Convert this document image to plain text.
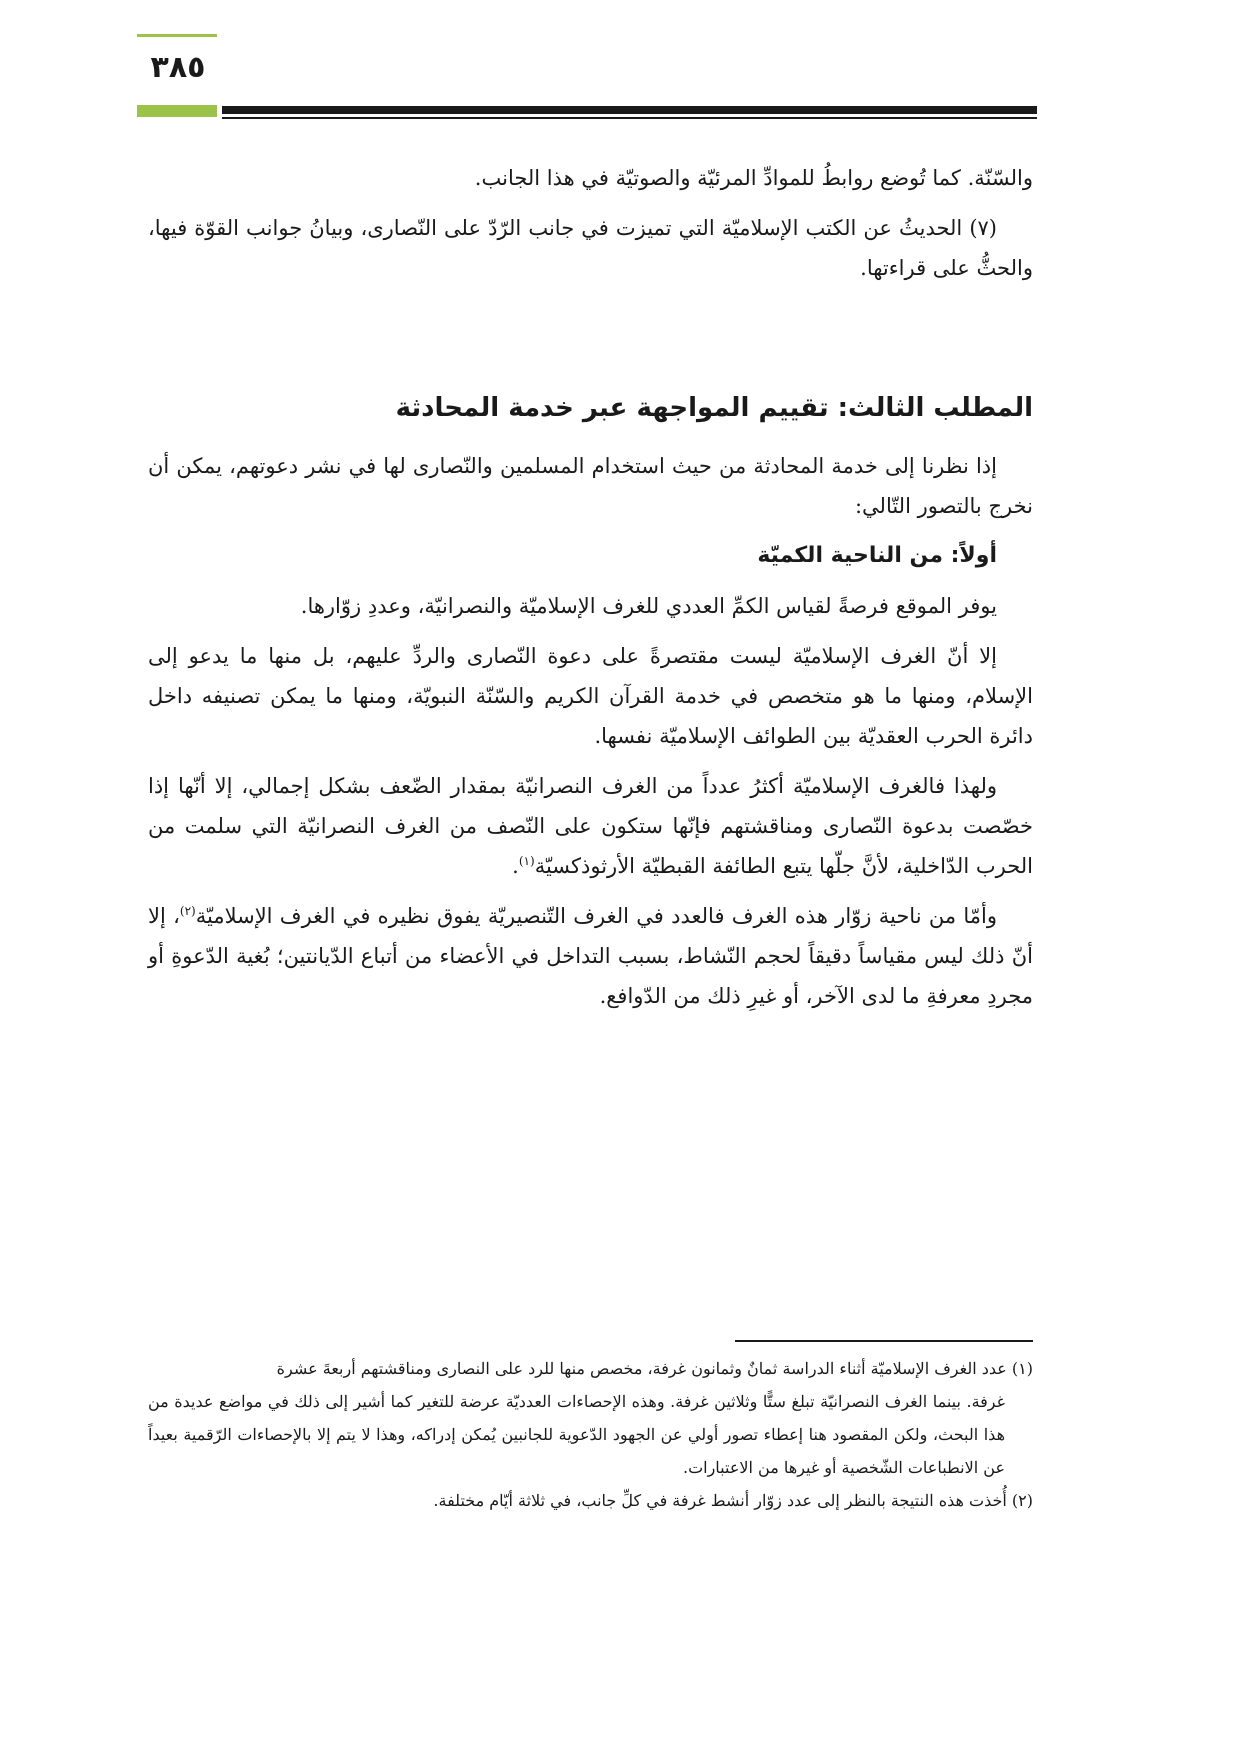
٣٨٥

والسّنّة. كما تُوضع روابطُ للموادِّ المرئيّة والصوتيّة في هذا الجانب.

(٧) الحديثُ عن الكتب الإسلاميّة التي تميزت في جانب الرّدّ على النّصارى، وبيانُ جوانب القوّة فيها، والحثُّ على قراءتها.

المطلب الثالث: تقييم المواجهة عبر خدمة المحادثة

إذا نظرنا إلى خدمة المحادثة من حيث استخدام المسلمين والنّصارى لها في نشر دعوتهم، يمكن أن نخرج بالتصور التّالي:

أولاً: من الناحية الكميّة

يوفر الموقع فرصةً لقياس الكمِّ العددي للغرف الإسلاميّة والنصرانيّة، وعددِ زوّارها.

إلا أنّ الغرف الإسلاميّة ليست مقتصرةً على دعوة النّصارى والردِّ عليهم، بل منها ما يدعو إلى الإسلام، ومنها ما هو متخصص في خدمة القرآن الكريم والسّنّة النبويّة، ومنها ما يمكن تصنيفه داخل دائرة الحرب العقديّة بين الطوائف الإسلاميّة نفسها.

ولهذا فالغرف الإسلاميّة أكثرُ عدداً من الغرف النصرانيّة بمقدار الضّعف بشكل إجمالي، إلا أنّها إذا خصّصت بدعوة النّصارى ومناقشتهم فإنّها ستكون على النّصف من الغرف النصرانيّة التي سلمت من الحرب الدّاخلية، لأنَّ جلّها يتبع الطائفة القبطيّة الأرثوذكسيّة$^{(١)}$.

وأمّا من ناحية زوّار هذه الغرف فالعدد في الغرف التّنصيريّة يفوق نظيره في الغرف الإسلاميّة$^{(٢)}$، إلا أنّ ذلك ليس مقياساً دقيقاً لحجم النّشاط، بسبب التداخل في الأعضاء من أتباع الدّيانتين؛ بُغية الدّعوةِ أو مجردِ معرفةِ ما لدى الآخر، أو غيرِ ذلك من الدّوافع.

(١) عدد الغرف الإسلاميّة أثناء الدراسة ثمانٌ وثمانون غرفة، مخصص منها للرد على النصارى ومناقشتهم أربعةَ عشرة

غرفة. بينما الغرف النصرانيّة تبلغ ستًّا وثلاثين غرفة. وهذه الإحصاءات العدديّة عرضة للتغير كما أشير إلى ذلك في مواضع عديدة من هذا البحث، ولكن المقصود هنا إعطاء تصور أولي عن الجهود الدّعوية للجانبين يُمكن إدراكه، وهذا لا يتم إلا بالإحصاءات الرّقمية بعيداً عن الانطباعات الشّخصية أو غيرها من الاعتبارات.

(٢) أُخذت هذه النتيجة بالنظر إلى عدد زوّار أنشط غرفة في كلِّ جانب، في ثلاثة أيّام مختلفة.
